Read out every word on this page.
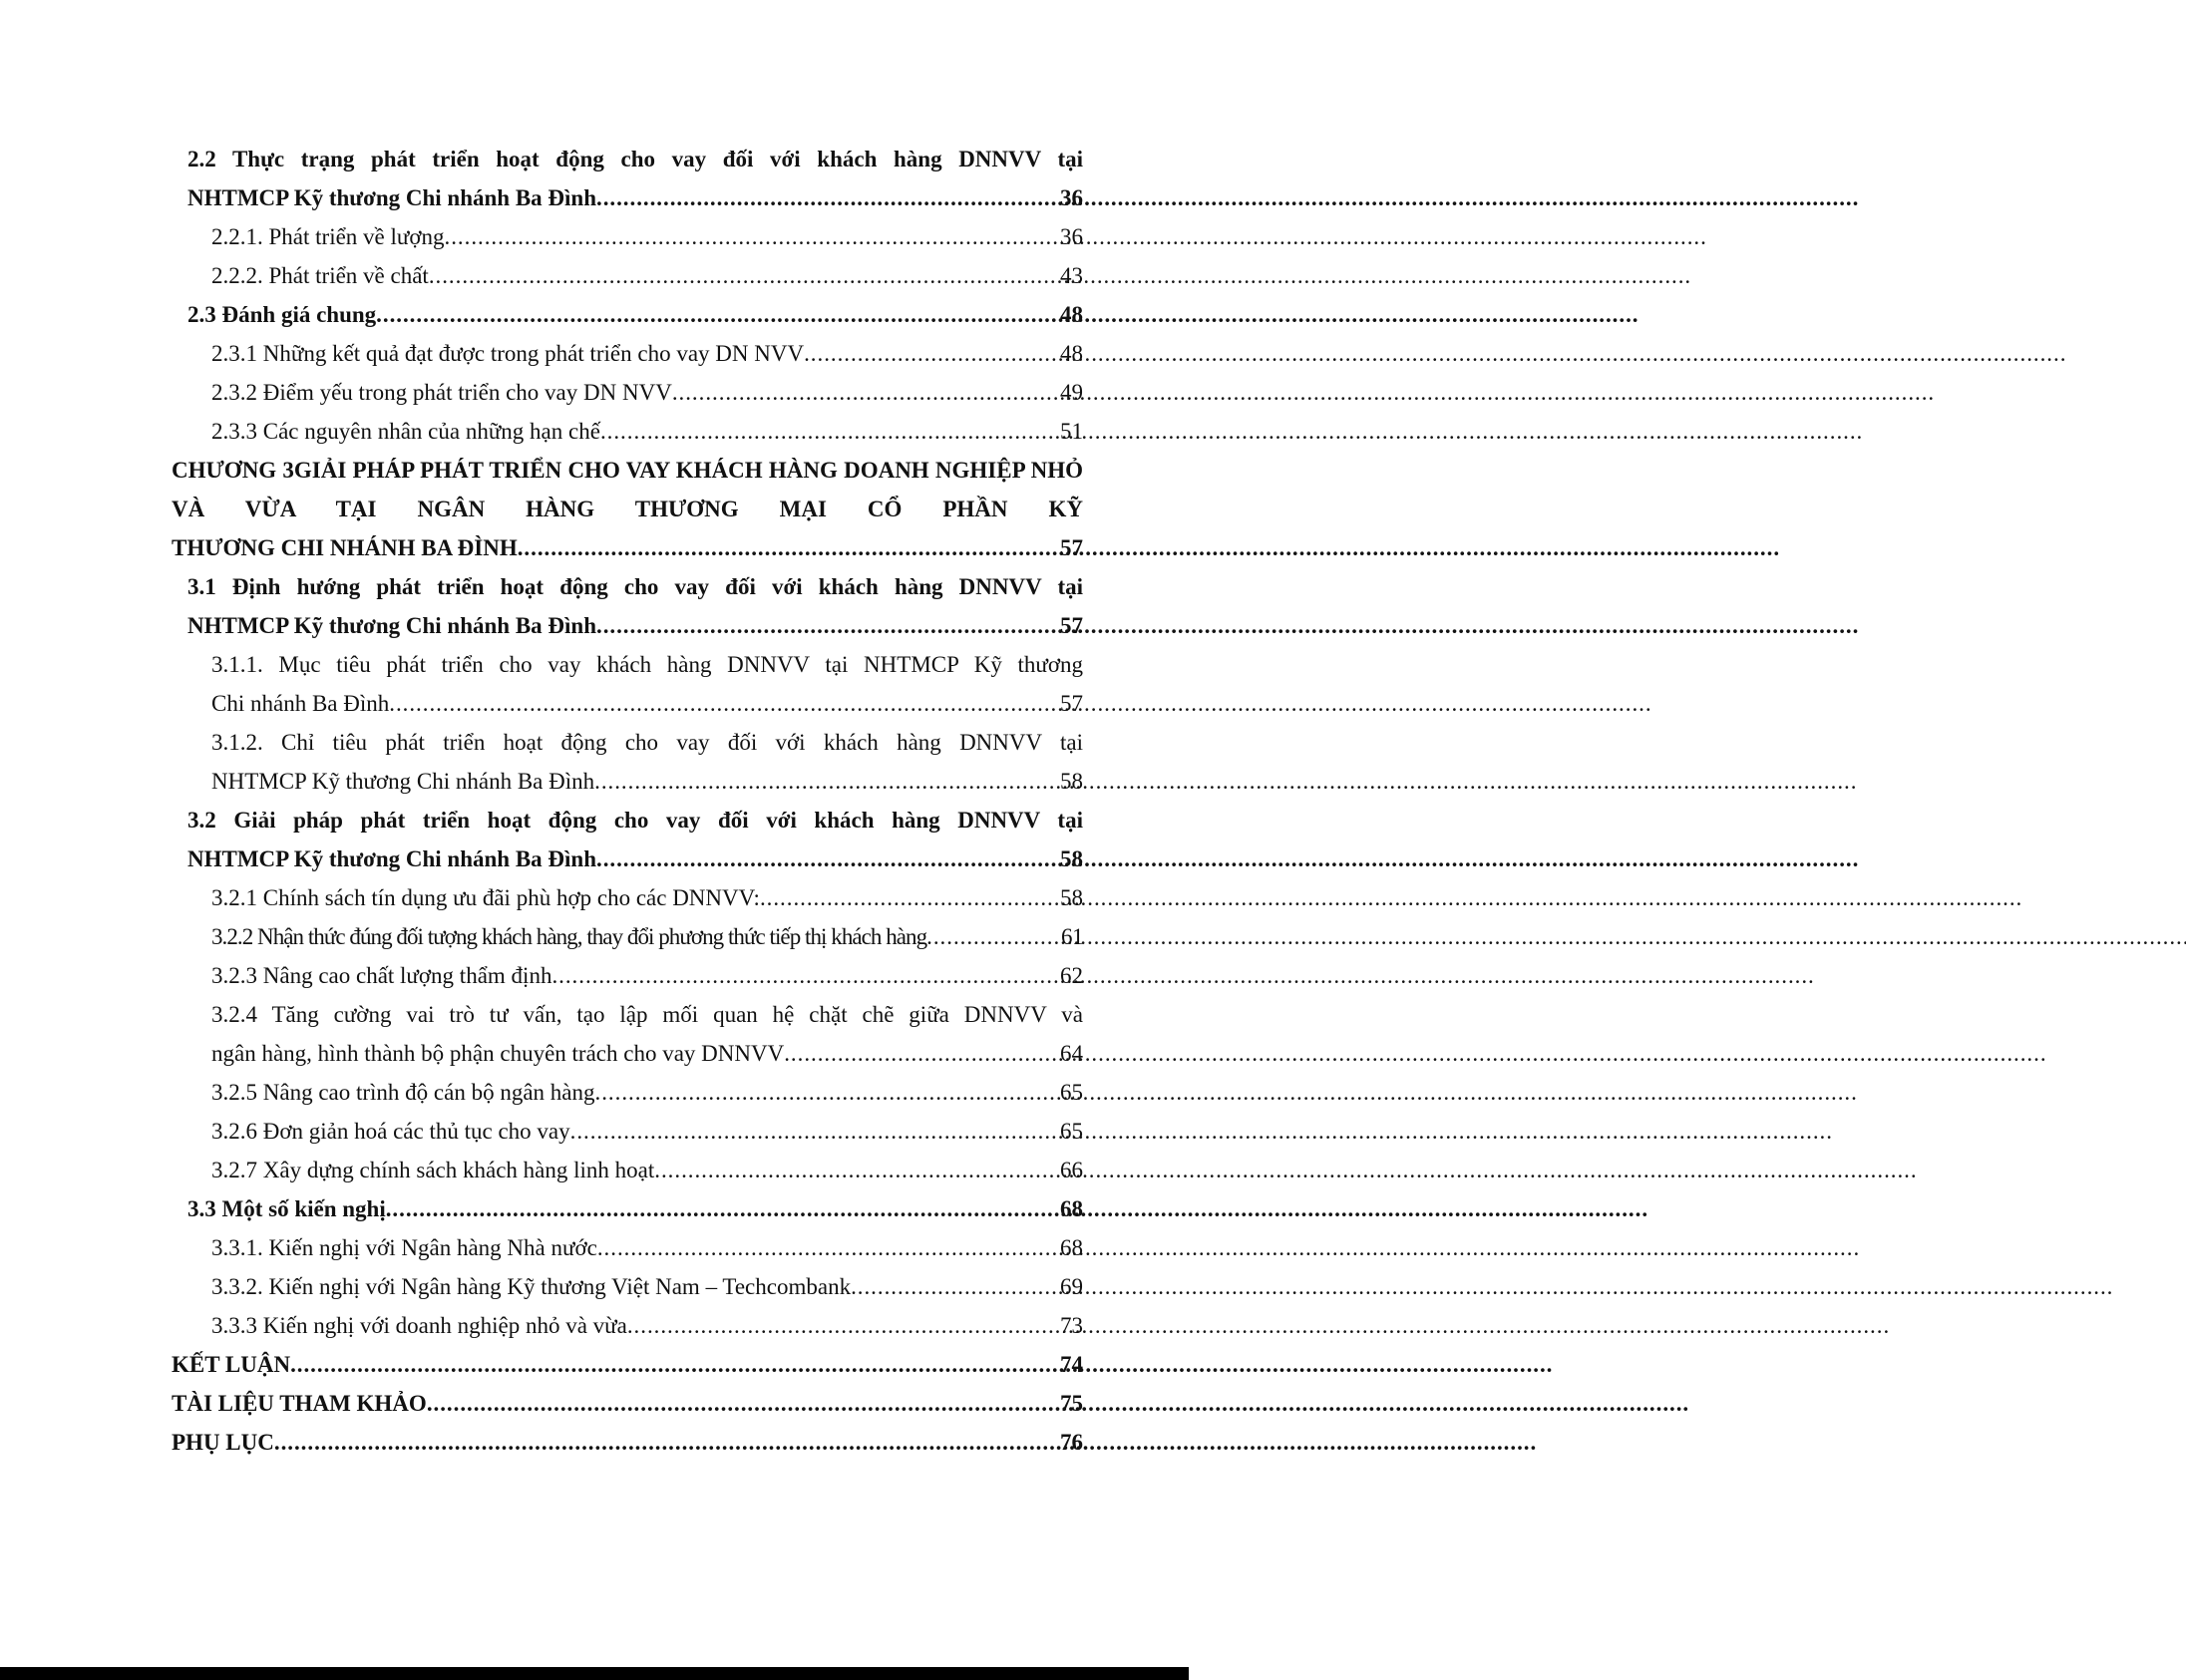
2.2 Thực trạng phát triển hoạt động cho vay đối với khách hàng DNNVV tại
NHTMCP Kỹ thương Chi nhánh Ba Đình . . .	36
2.2.1. Phát triển về lượng . . .	36
2.2.2. Phát triển về chất . . .	43
2.3 Đánh giá chung . . .	48
2.3.1 Những kết quả đạt được trong phát triển cho vay DN NVV . . .	48
2.3.2 Điểm yếu trong phát triển cho vay DN NVV . . .	49
2.3.3 Các nguyên nhân của những hạn chế . . .	51
CHƯƠNG 3GIẢI PHÁP PHÁT TRIỂN CHO VAY KHÁCH HÀNG DOANH NGHIỆP NHỎ VÀ VỪA TẠI NGÂN HÀNG THƯƠNG MẠI CỔ PHẦN KỸ
THƯƠNG CHI NHÁNH BA ĐÌNH . . .	57
3.1 Định hướng phát triển hoạt động cho vay đối với khách hàng DNNVV tại
NHTMCP Kỹ thương Chi nhánh Ba Đình . . .	57
3.1.1. Mục tiêu phát triển cho vay khách hàng DNNVV tại NHTMCP Kỹ thương
Chi nhánh Ba Đình . . .	57
3.1.2. Chỉ tiêu phát triển hoạt động cho vay đối với khách hàng DNNVV tại
NHTMCP Kỹ thương Chi nhánh Ba Đình . . .	58
3.2 Giải pháp phát triển hoạt động cho vay đối với khách hàng DNNVV tại
NHTMCP Kỹ thương Chi nhánh Ba Đình . . .	58
3.2.1 Chính sách tín dụng ưu đãi phù hợp cho các DNNVV: . . .	58
3.2.2 Nhận thức đúng đối tượng khách hàng, thay đổi phương thức tiếp thị khách hàng . . .	61
3.2.3 Nâng cao chất lượng thẩm định . . .	62
3.2.4 Tăng cường vai trò tư vấn, tạo lập mối quan hệ chặt chẽ giữa DNNVV và
ngân hàng, hình thành bộ phận chuyên trách cho vay DNNVV . . .	64
3.2.5 Nâng cao trình độ cán bộ ngân hàng . . .	65
3.2.6 Đơn giản hoá các thủ tục cho vay . . .	65
3.2.7 Xây dựng chính sách khách hàng linh hoạt . . .	66
3.3 Một số kiến nghị . . .	68
3.3.1. Kiến nghị với Ngân hàng Nhà nước . . .	68
3.3.2. Kiến nghị với Ngân hàng Kỹ thương Việt Nam – Techcombank . . .	69
3.3.3 Kiến nghị với doanh nghiệp nhỏ và vừa . . .	73
KẾT LUẬN . . .	74
TÀI LIỆU THAM KHẢO . . .	75
PHỤ LỤC . . .	76
